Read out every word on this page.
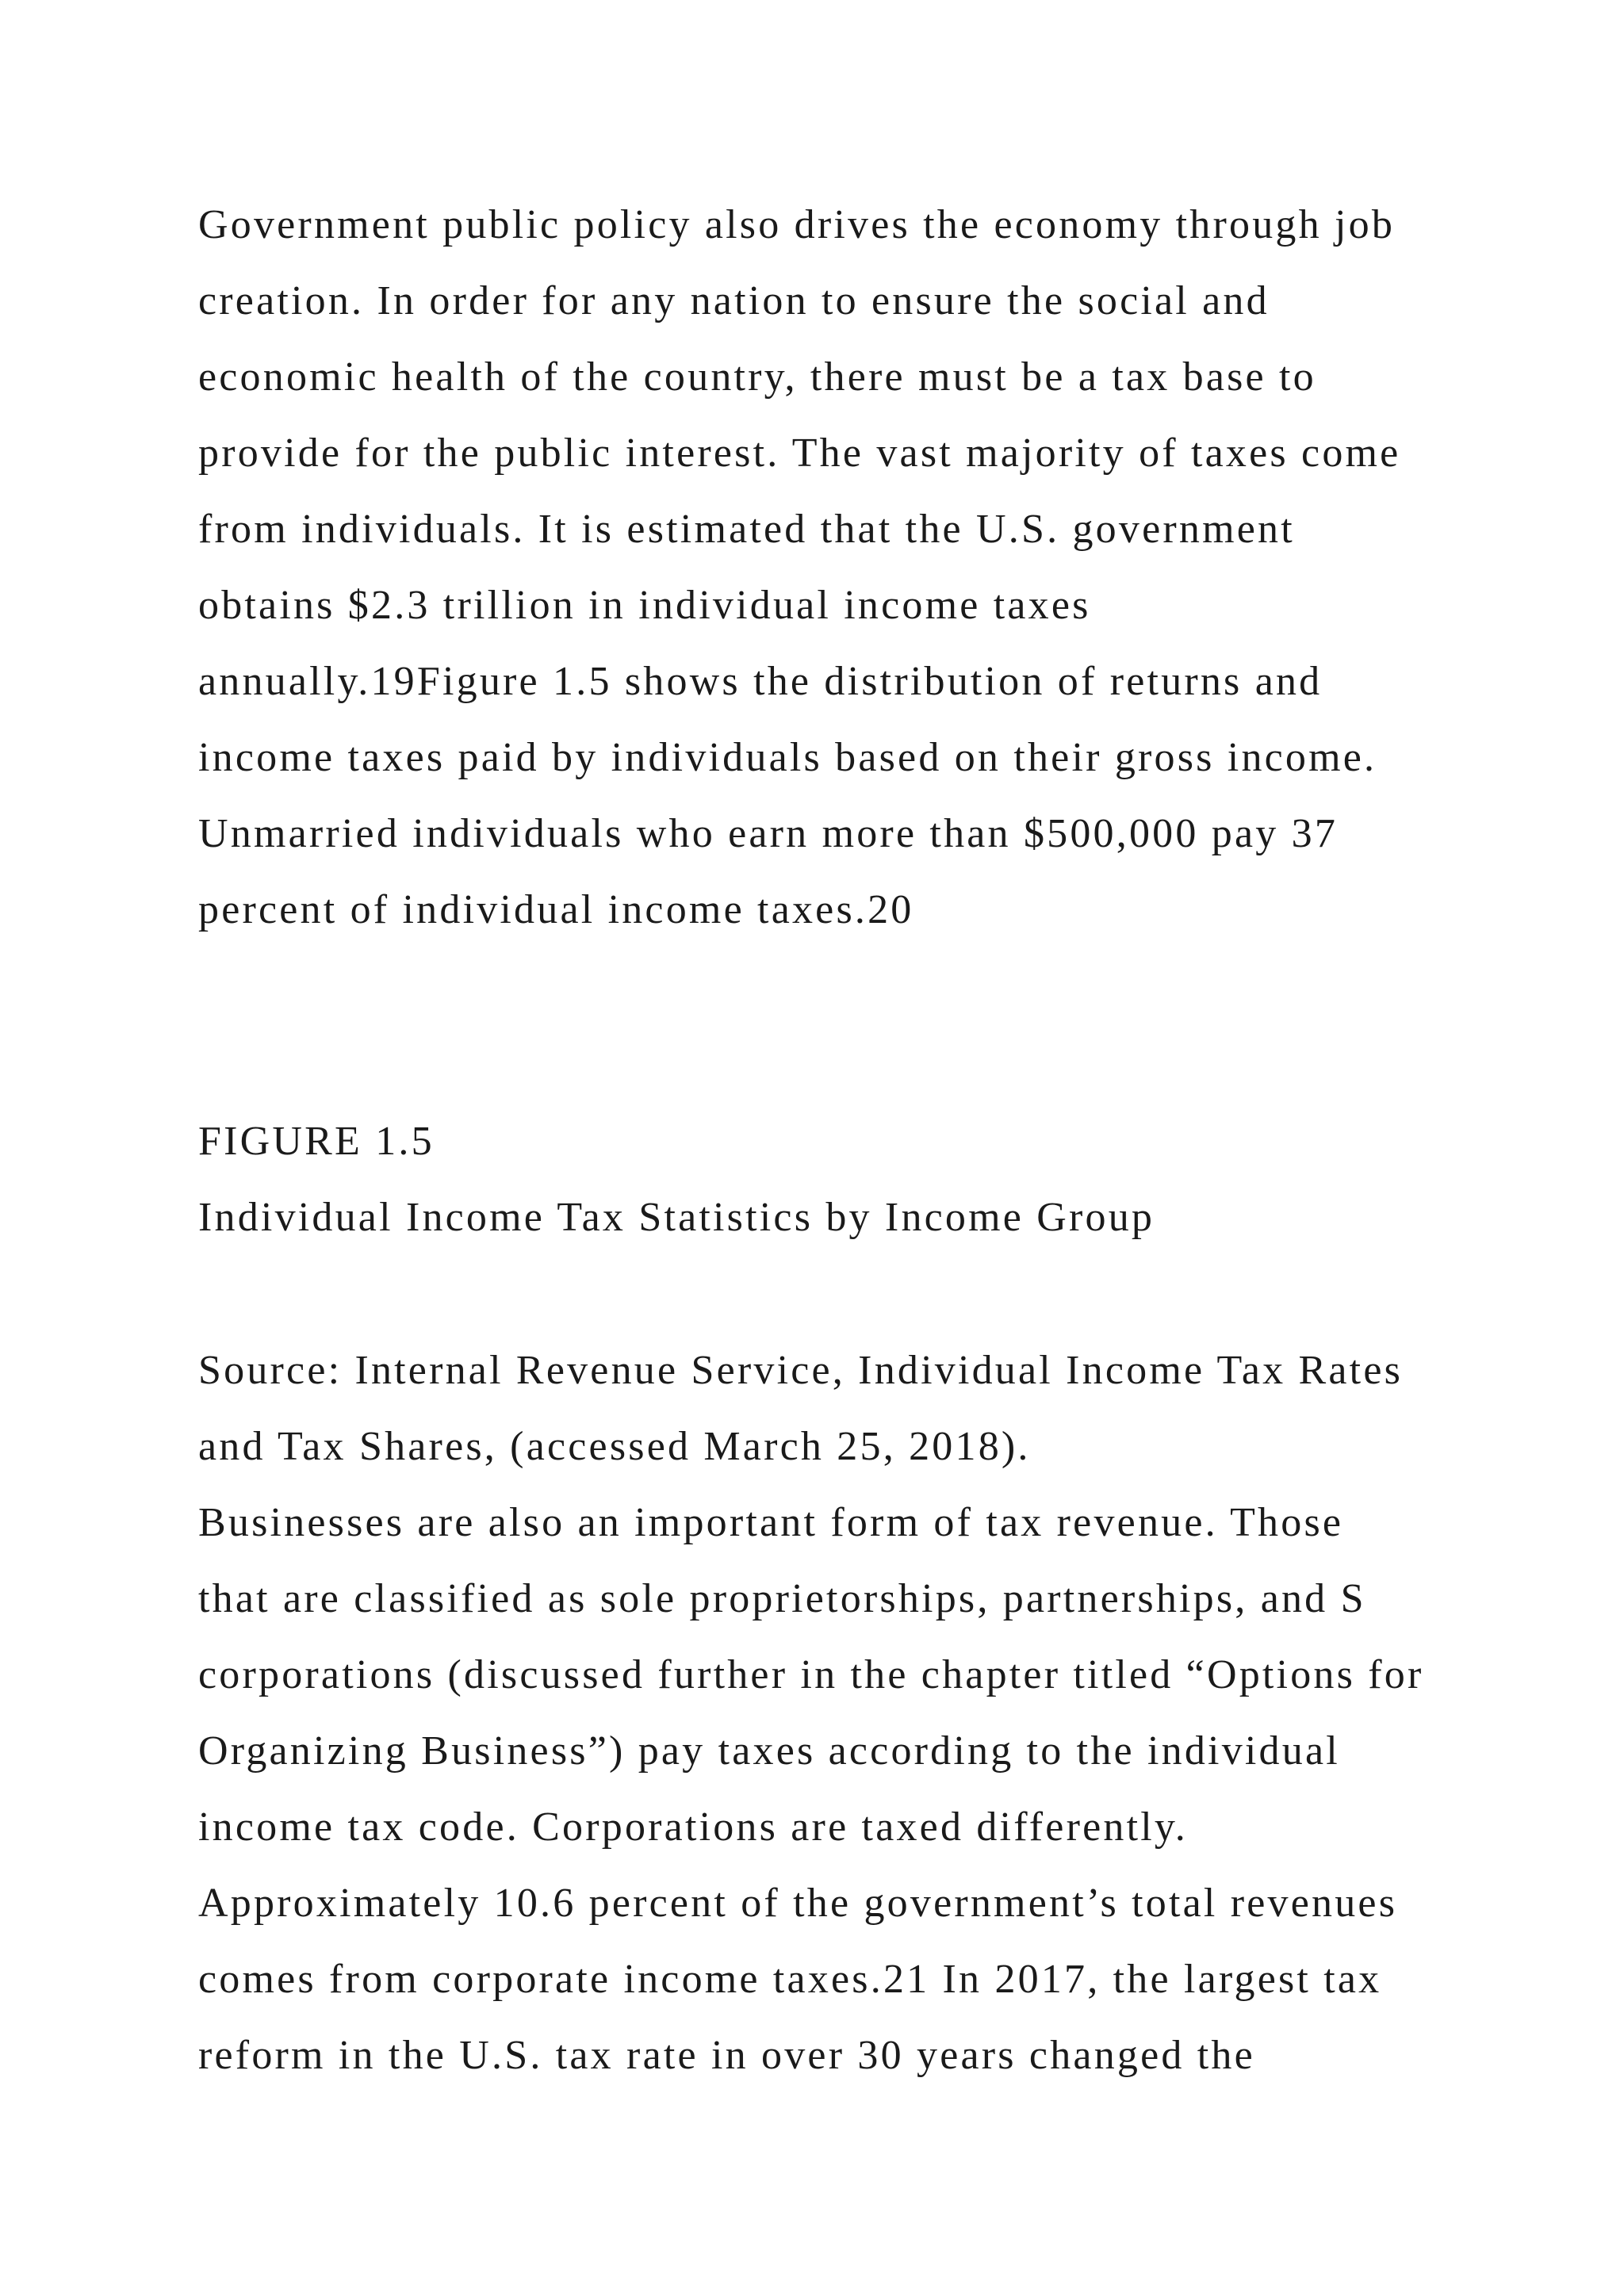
Government public policy also drives the economy through job
creation. In order for any nation to ensure the social and
economic health of the country, there must be a tax base to
provide for the public interest. The vast majority of taxes come
from individuals. It is estimated that the U.S. government
obtains $2.3 trillion in individual income taxes
annually.19Figure 1.5 shows the distribution of returns and
income taxes paid by individuals based on their gross income.
Unmarried individuals who earn more than $500,000 pay 37
percent of individual income taxes.20
FIGURE 1.5
Individual Income Tax Statistics by Income Group
Source: Internal Revenue Service, Individual Income Tax Rates
and Tax Shares, (accessed March 25, 2018).
Businesses are also an important form of tax revenue. Those
that are classified as sole proprietorships, partnerships, and S
corporations (discussed further in the chapter titled “Options for
Organizing Business”) pay taxes according to the individual
income tax code. Corporations are taxed differently.
Approximately 10.6 percent of the government’s total revenues
comes from corporate income taxes.21 In 2017, the largest tax
reform in the U.S. tax rate in over 30 years changed the
